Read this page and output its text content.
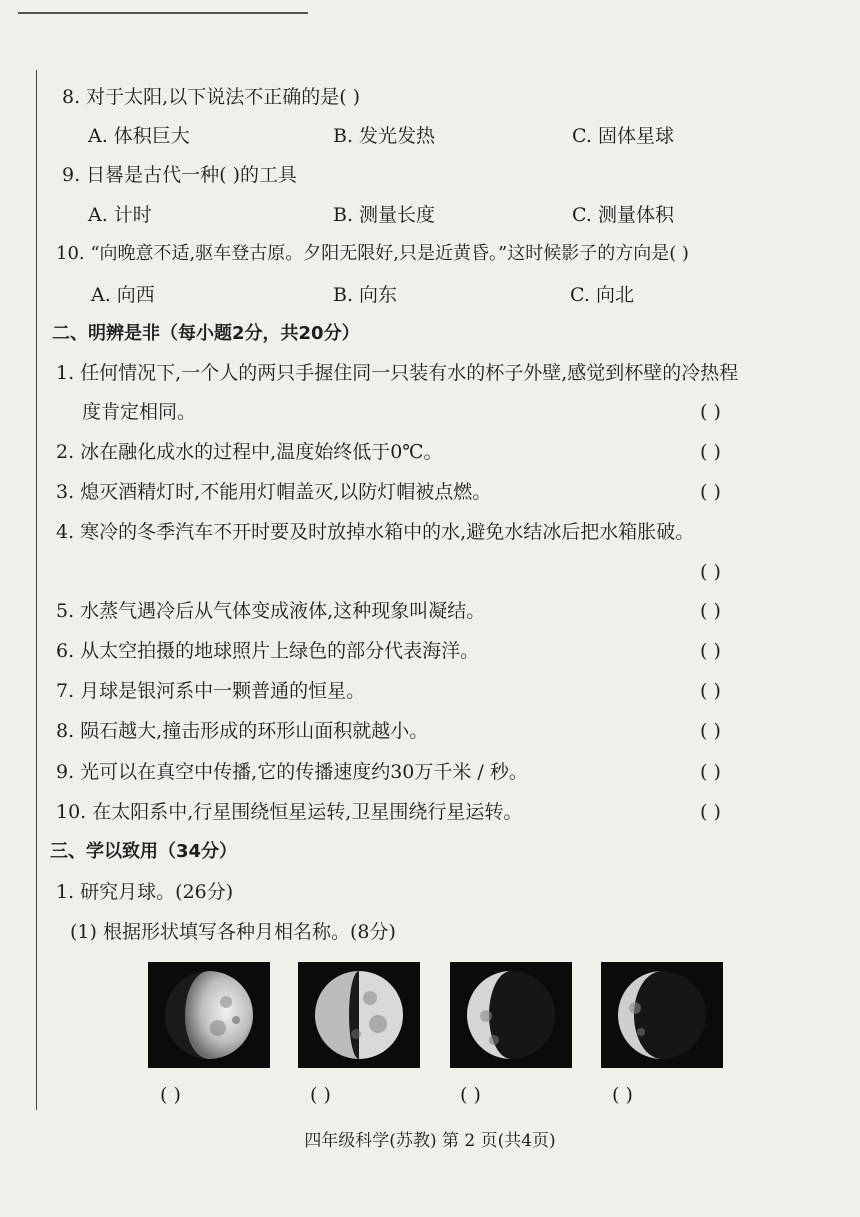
8. 对于太阳,以下说法不正确的是( )
A. 体积巨大	B. 发光发热	C. 固体星球
9. 日晷是古代一种( )的工具
A. 计时	B. 测量长度	C. 测量体积
10. “向晚意不适,驱车登古原。夕阳无限好,只是近黄昏。”这时候影子的方向是( )
A. 向西	B. 向东	C. 向北
二、明辨是非（每小题2分，共20分）
1. 任何情况下,一个人的两只手握住同一只装有水的杯子外壁,感觉到杯壁的冷热程
度肯定相同。	( )
2. 冰在融化成水的过程中,温度始终低于0℃。	( )
3. 熄灭酒精灯时,不能用灯帽盖灭,以防灯帽被点燃。	( )
4. 寒冷的冬季汽车不开时要及时放掉水箱中的水,避免水结冰后把水箱胀破。
( )
5. 水蒸气遇冷后从气体变成液体,这种现象叫凝结。	( )
6. 从太空拍摄的地球照片上绿色的部分代表海洋。	( )
7. 月球是银河系中一颗普通的恒星。	( )
8. 陨石越大,撞击形成的环形山面积就越小。	( )
9. 光可以在真空中传播,它的传播速度约30万千米 / 秒。	( )
10. 在太阳系中,行星围绕恒星运转,卫星围绕行星运转。	( )
三、学以致用（34分）
1. 研究月球。(26分)
(1) 根据形状填写各种月相名称。(8分)
( )	( )	( )	( )
四年级科学(苏教) 第 2 页(共4页)
